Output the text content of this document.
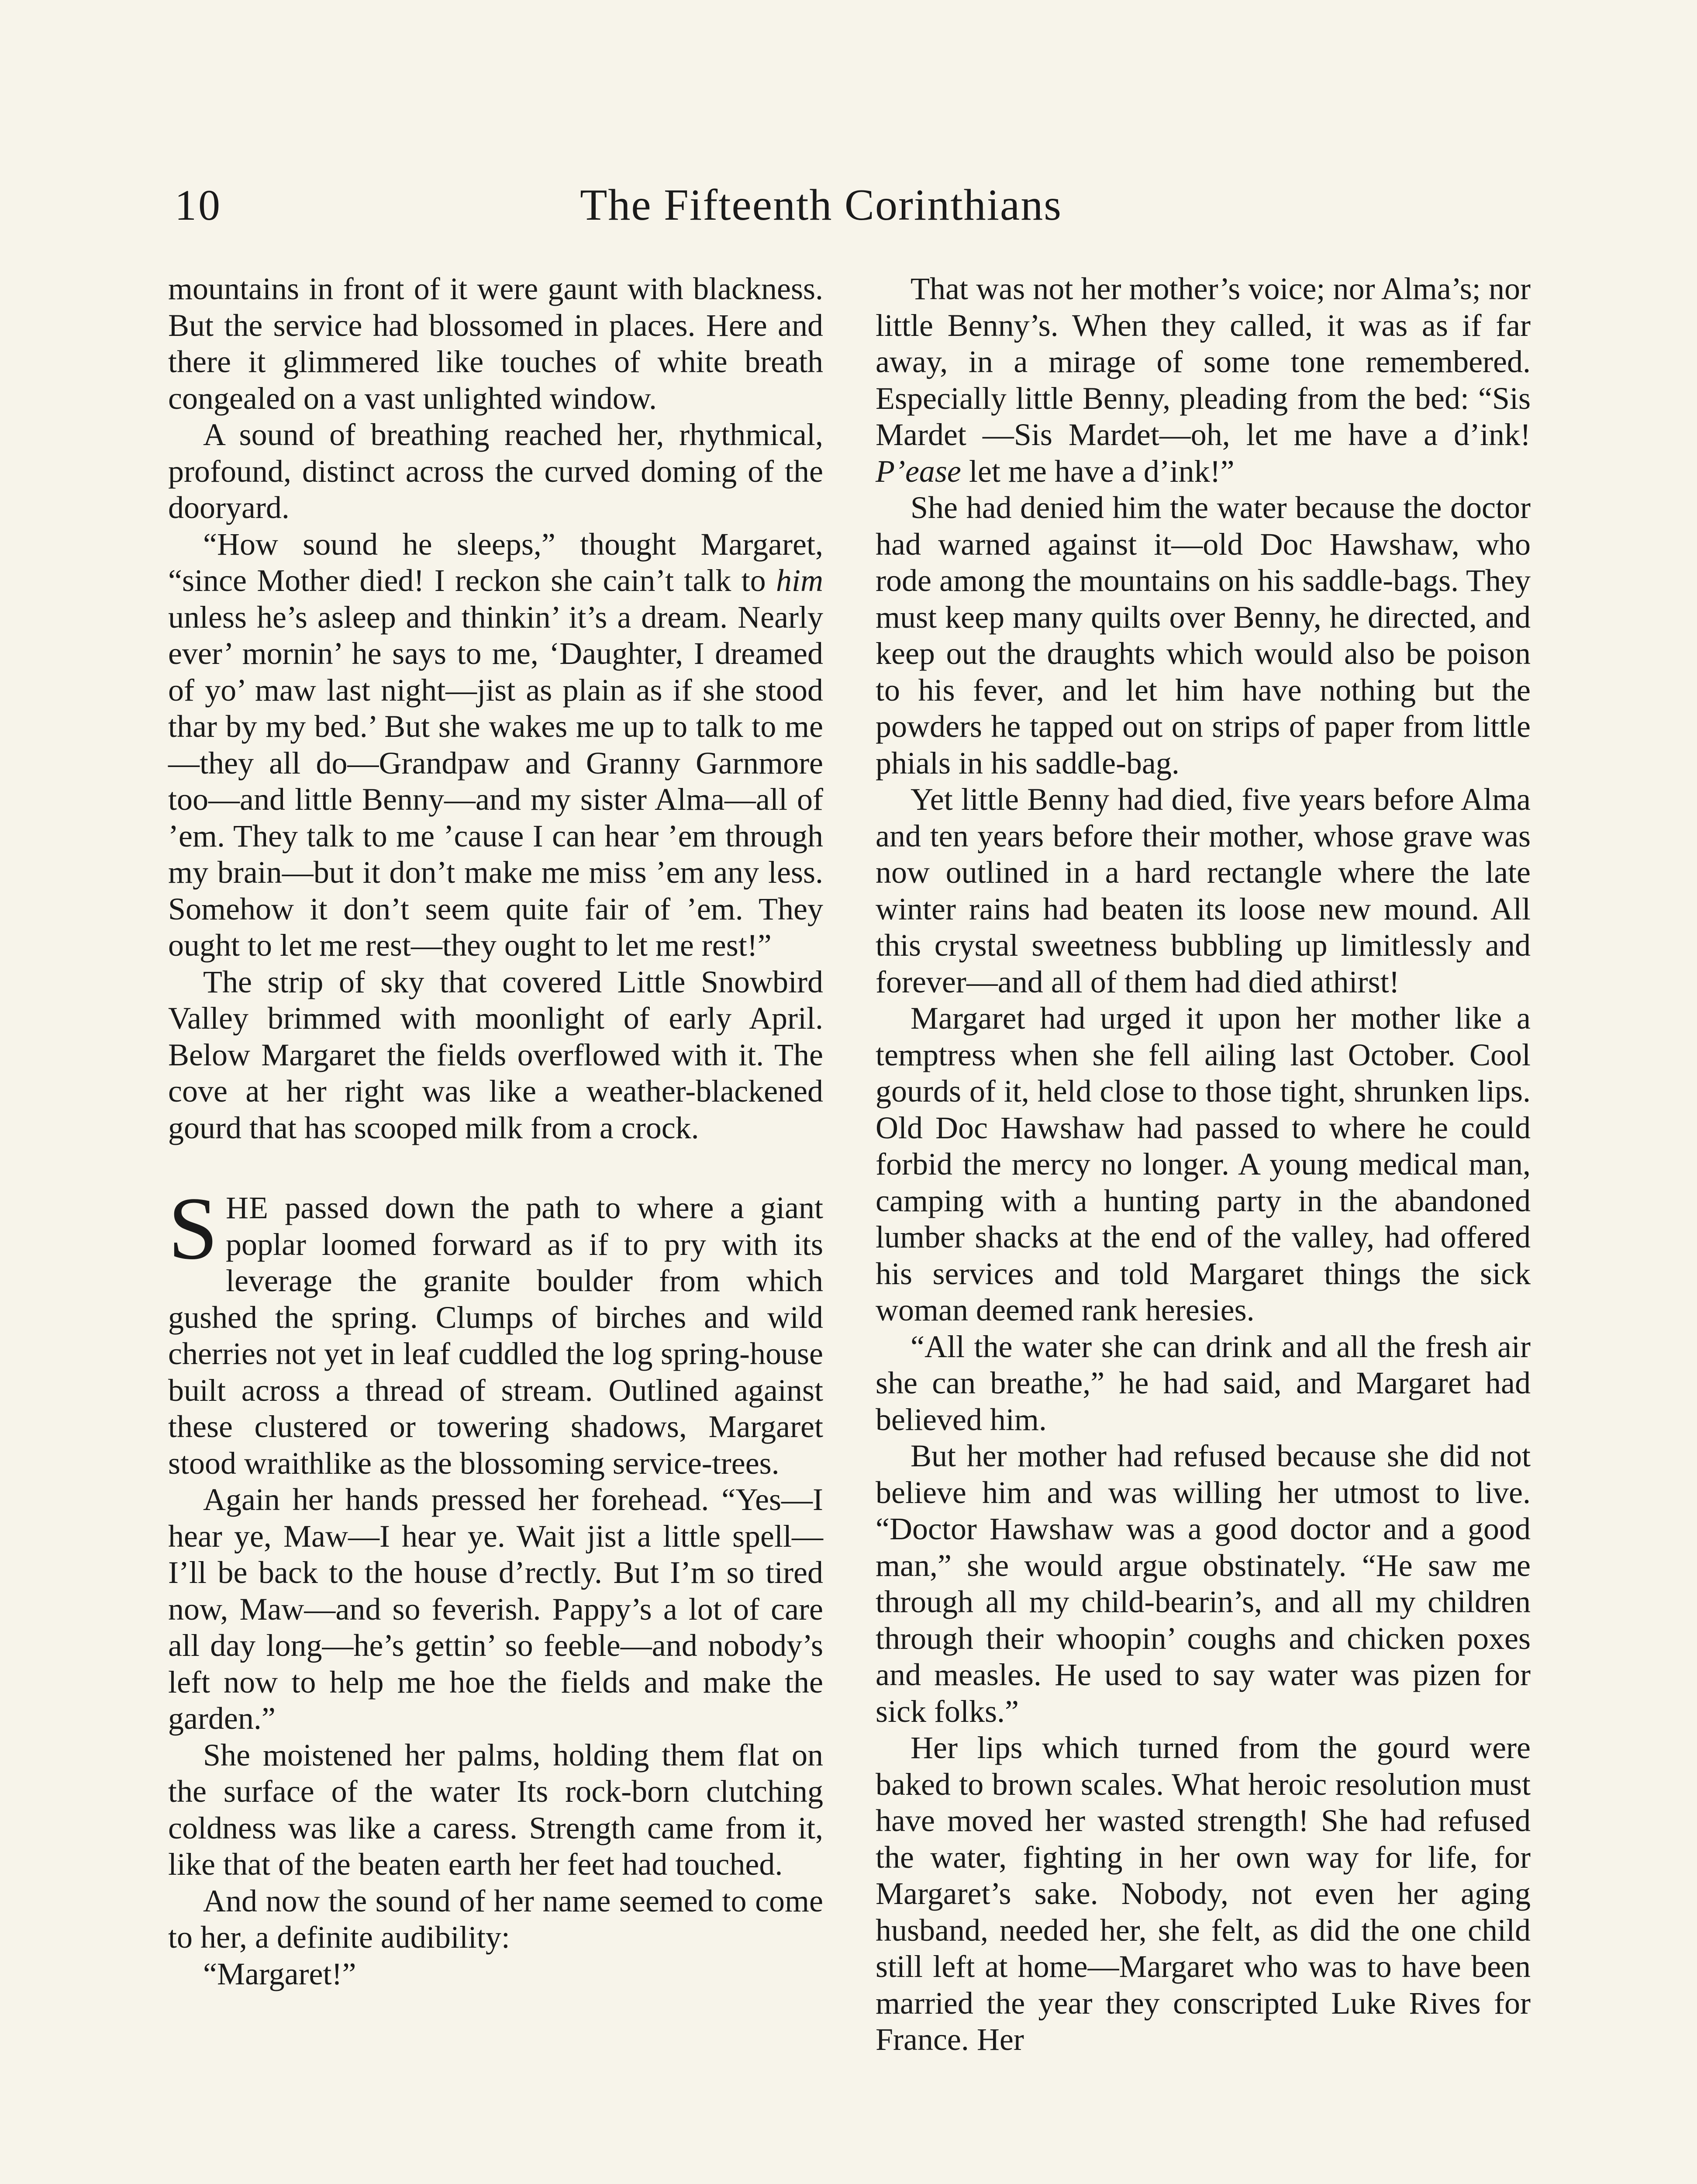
10	The Fifteenth Corinthians

mountains in front of it were gaunt with blackness. But the service had blossomed in places. Here and there it glimmered like touches of white breath congealed on a vast unlighted window.

A sound of breathing reached her, rhythmical, profound, distinct across the curved doming of the dooryard.

“How sound he sleeps,” thought Margaret, “since Mother died! I reckon she cain’t talk to him unless he’s asleep and thinkin’ it’s a dream. Nearly ever’ mornin’ he says to me, ‘Daughter, I dreamed of yo’ maw last night—jist as plain as if she stood thar by my bed.’ But she wakes me up to talk to me—they all do—Grandpaw and Granny Garnmore too—and little Benny—and my sister Alma—all of ’em. They talk to me ’cause I can hear ’em through my brain—but it don’t make me miss ’em any less. Somehow it don’t seem quite fair of ’em. They ought to let me rest—they ought to let me rest!”

The strip of sky that covered Little Snowbird Valley brimmed with moonlight of early April. Below Margaret the fields overflowed with it. The cove at her right was like a weather-blackened gourd that has scooped milk from a crock.

SHE passed down the path to where a giant poplar loomed forward as if to pry with its leverage the granite boulder from which gushed the spring. Clumps of birches and wild cherries not yet in leaf cuddled the log spring-house built across a thread of stream. Outlined against these clustered or towering shadows, Margaret stood wraithlike as the blossoming service-trees.

Again her hands pressed her forehead. “Yes—I hear ye, Maw—I hear ye. Wait jist a little spell—I’ll be back to the house d’rectly. But I’m so tired now, Maw—and so feverish. Pappy’s a lot of care all day long—he’s gettin’ so feeble—and nobody’s left now to help me hoe the fields and make the garden.”

She moistened her palms, holding them flat on the surface of the water Its rock-born clutching coldness was like a caress. Strength came from it, like that of the beaten earth her feet had touched.

And now the sound of her name seemed to come to her, a definite audibility:

“Margaret!”

That was not her mother’s voice; nor Alma’s; nor little Benny’s. When they called, it was as if far away, in a mirage of some tone remembered. Especially little Benny, pleading from the bed: “Sis Mardet —Sis Mardet—oh, let me have a d’ink! P’ease let me have a d’ink!”

She had denied him the water because the doctor had warned against it—old Doc Hawshaw, who rode among the mountains on his saddle-bags. They must keep many quilts over Benny, he directed, and keep out the draughts which would also be poison to his fever, and let him have nothing but the powders he tapped out on strips of paper from little phials in his saddle-bag.

Yet little Benny had died, five years before Alma and ten years before their mother, whose grave was now outlined in a hard rectangle where the late winter rains had beaten its loose new mound. All this crystal sweetness bubbling up limitlessly and forever—and all of them had died athirst!

Margaret had urged it upon her mother like a temptress when she fell ailing last October. Cool gourds of it, held close to those tight, shrunken lips. Old Doc Hawshaw had passed to where he could forbid the mercy no longer. A young medical man, camping with a hunting party in the abandoned lumber shacks at the end of the valley, had offered his services and told Margaret things the sick woman deemed rank heresies.

“All the water she can drink and all the fresh air she can breathe,” he had said, and Margaret had believed him.

But her mother had refused because she did not believe him and was willing her utmost to live. “Doctor Hawshaw was a good doctor and a good man,” she would argue obstinately. “He saw me through all my child-bearin’s, and all my children through their whoopin’ coughs and chicken poxes and measles. He used to say water was pizen for sick folks.”

Her lips which turned from the gourd were baked to brown scales. What heroic resolution must have moved her wasted strength! She had refused the water, fighting in her own way for life, for Margaret’s sake. Nobody, not even her aging husband, needed her, she felt, as did the one child still left at home—Margaret who was to have been married the year they conscripted Luke Rives for France. Her
